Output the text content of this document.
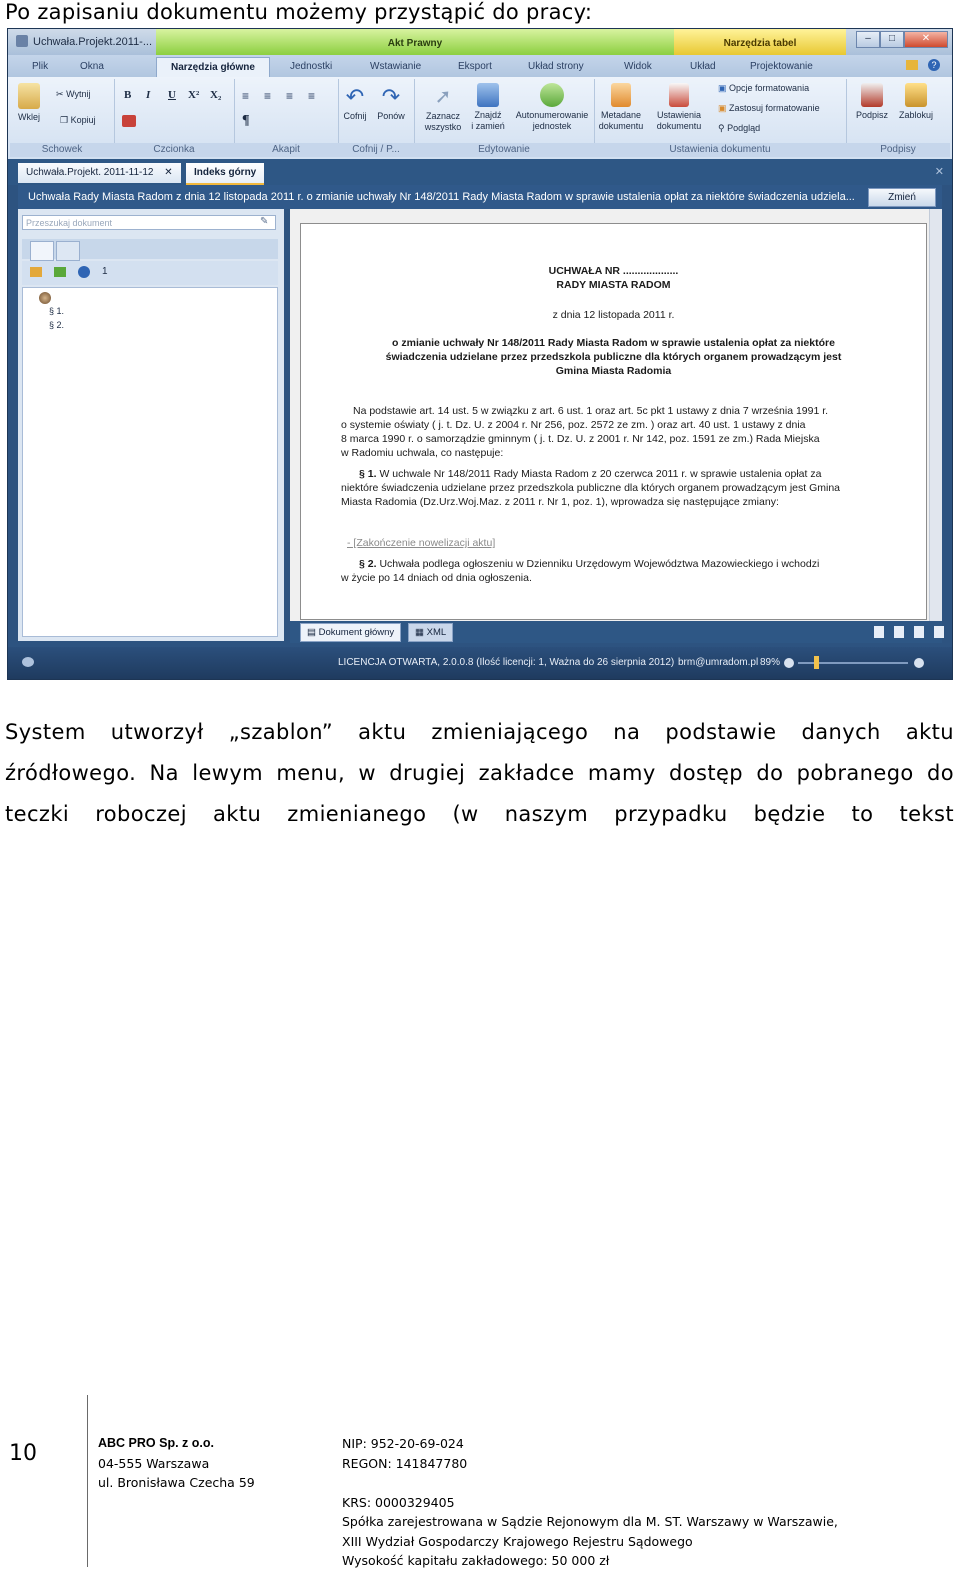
Po zapisaniu dokumentu możemy przystąpić do pracy:
Uchwała.Projekt.2011-...	Akt Prawny	Narzędzia tabel	–	□	✕
Plik	Okna	Narzędzia główne	Jednostki	Wstawianie	Eksport	Układ strony	Widok	Układ	Projektowanie	?

Wklej
✂ Wytnij
❐ Kopiuj
Schowek
B I U X² X₂
Czcionka
≡ ≡ ≡ ≡
¶
Akapit
↶
Cofnij
↷
Ponów
Cofnij / P...
➚
Zaznacz
wszystko

Znajdź
i zamień

Autonumerowanie
jednostek
Edytowanie

Metadane
dokumentu

Ustawienia
dokumentu
▣ Opcje formatowania
▣ Zastosuj formatowanie
⚲ Podgląd
Ustawienia dokumentu

Podpisz	Zablokuj
Podpisy
Uchwała.Projekt. 2011-11-12 ✕	Indeks górny	✕
Uchwała Rady Miasta Radom z dnia 12 listopada 2011 r. o zmianie uchwały Nr 148/2011 Rady Miasta Radom w sprawie ustalenia opłat za niektóre świadczenia udziela...	Zmień
Przeszukaj dokument	✎
1
§ 1.
§ 2.
UCHWAŁA NR ...................
RADY MIASTA RADOM
z dnia 12 listopada 2011 r.
o zmianie uchwały Nr 148/2011 Rady Miasta Radom w sprawie ustalenia opłat za niektóre
świadczenia udzielane przez przedszkola publiczne dla których organem prowadzącym jest
Gmina Miasta Radomia
Na podstawie art. 14 ust. 5 w związku z art. 6 ust. 1 oraz art. 5c pkt 1 ustawy z dnia 7 września 1991 r.
o systemie oświaty ( j. t. Dz. U. z 2004 r. Nr 256, poz. 2572 ze zm. ) oraz art. 40 ust. 1 ustawy z dnia
8 marca 1990 r. o samorządzie gminnym ( j. t. Dz. U. z 2001 r. Nr 142, poz. 1591 ze zm.) Rada Miejska
w Radomiu uchwala, co następuje:
§ 1. W uchwale Nr 148/2011 Rady Miasta Radom z 20 czerwca 2011 r. w sprawie ustalenia opłat za
niektóre świadczenia udzielane przez przedszkola publiczne dla których organem prowadzącym jest Gmina
Miasta Radomia (Dz.Urz.Woj.Maz. z 2011 r. Nr 1, poz. 1), wprowadza się następujące zmiany:
- [Zakończenie nowelizacji aktu]
§ 2. Uchwała podlega ogłoszeniu w Dzienniku Urzędowym Województwa Mazowieckiego i wchodzi
w życie po 14 dniach od dnia ogłoszenia.
▤ Dokument główny	▦ XML
LICENCJA OTWARTA, 2.0.0.8 (Ilość licencji: 1, Ważna do 26 sierpnia 2012) brm@umradom.pl 89%
System utworzył „szablon” aktu zmieniającego na podstawie danych aktu
źródłowego. Na lewym menu, w drugiej zakładce mamy dostęp do pobranego do
teczki roboczej aktu zmienianego (w naszym przypadku będzie to tekst
10	ABC PRO Sp. z o.o.
04-555 Warszawa
ul. Bronisława Czecha 59
NIP: 952-20-69-024
REGON: 141847780

KRS: 0000329405
Spółka zarejestrowana w Sądzie Rejonowym dla M. ST. Warszawy w Warszawie,
XIII Wydział Gospodarczy Krajowego Rejestru Sądowego
Wysokość kapitału zakładowego: 50 000 zł
